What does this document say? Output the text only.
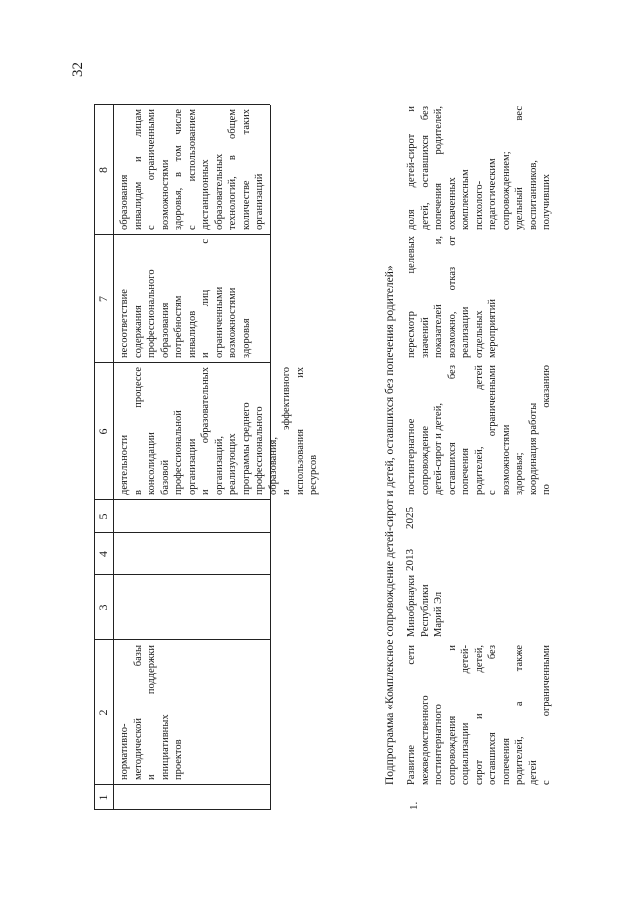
32
1
2
3
4
5
6
7
8
нормативно- методической базы и поддержки инициативных проектов
деятельности в процессе консолидации базовой профессиональной организации и образовательных организаций, реализующих программы среднего профессионального образования, и эффективного использования их ресурсов
несоответствие содержания профессионального образования потребностям инвалидов и лиц с ограниченными возможностями здоровья
образования инвалидам и лицам с ограниченными возможностями здоровья, в том числе с использованием дистанционных образовательных технологий, в общем количестве таких организаций
Подпрограмма «Комплексное сопровождение детей-сирот и детей, оставшихся без попечения родителей»
1.
Развитие сети межведомственного постинтернатного сопровождения и социализации детей- сирот и детей, оставшихся без попечения родителей, а также детей с ограниченными
Минобрнауки Республики Марий Эл
2013
2025
постинтернатное сопровождение детей-сирот и детей, оставшихся без попечения родителей, детей с ограниченными возможностями здоровья; координация работы по оказанию
пересмотр целевых значений показателей и, возможно, отказ от реализации отдельных мероприятий
доля детей-сирот и детей, оставшихся без попечения родителей, охваченных комплексным психолого- педагогическим сопровождением; удельный вес воспитанников, получивших
